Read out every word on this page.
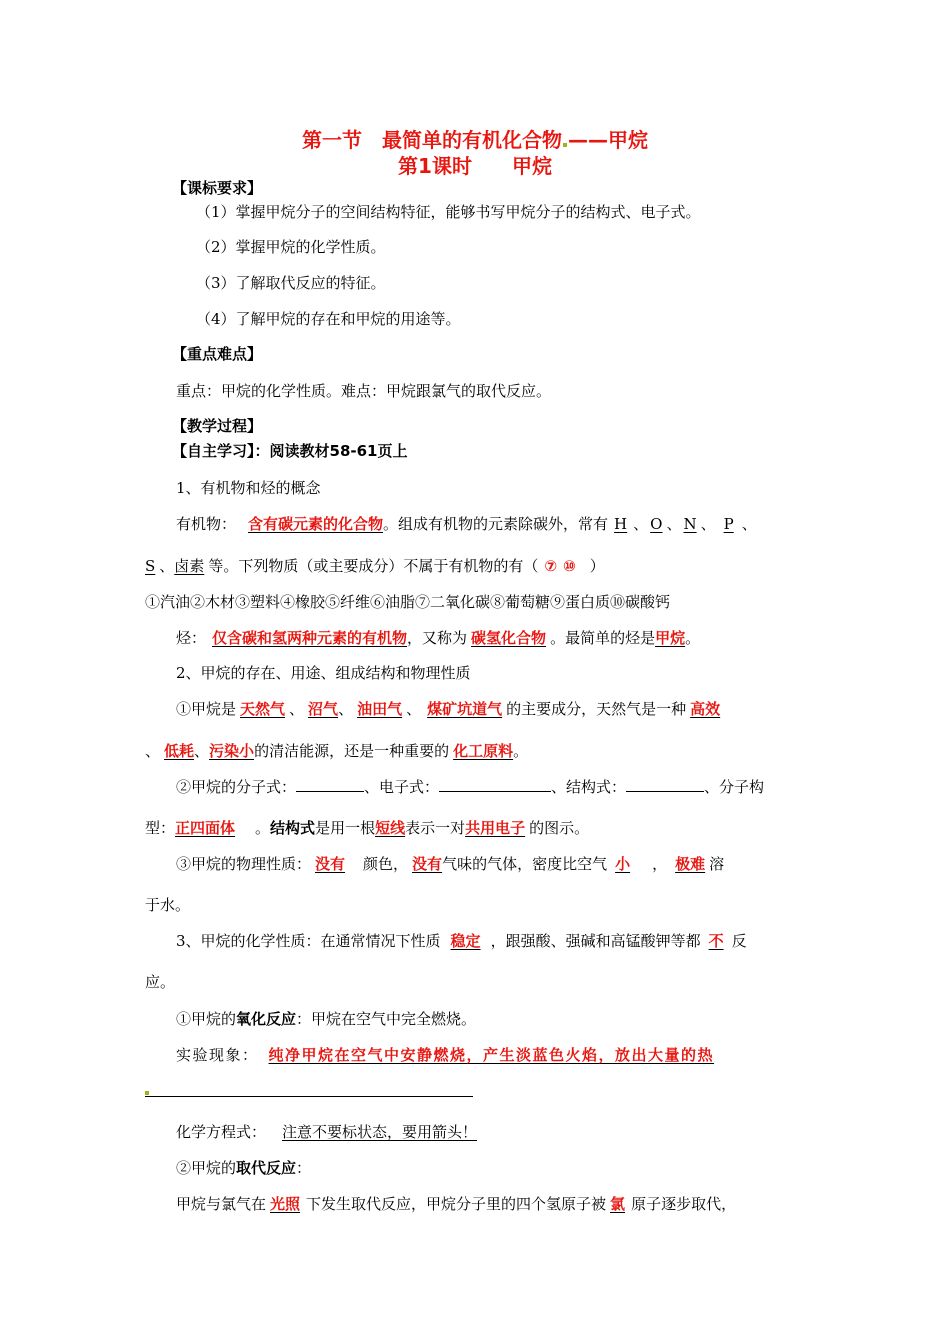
第一节　最简单的有机化合物 ——甲烷
第1课时　　甲烷
【课标要求】
（1）掌握甲烷分子的空间结构特征，能够书写甲烷分子的结构式、电子式。
（2）掌握甲烷的化学性质。
（3）了解取代反应的特征。
（4）了解甲烷的存在和甲烷的用途等。
【重点难点】
重点：甲烷的化学性质。难点：甲烷跟氯气的取代反应。
【教学过程】
【自主学习】：阅读教材58-61页上
1、有机物和烃的概念
有机物： 含有碳元素的化合物。组成有机物的元素除碳外，常有 H 、 O 、 N 、 P 、
S 、卤素 等。下列物质（或主要成分）不属于有机物的有（ ⑦ ⑩ ）
①汽油②木材③塑料④橡胶⑤纤维⑥油脂⑦二氧化碳⑧葡萄糖⑨蛋白质⑩碳酸钙
烃： 仅含碳和氢两种元素的有机物，又称为 碳氢化合物 。最简单的烃是甲烷。
2、甲烷的存在、用途、组成结构和物理性质
①甲烷是 天然气 、 沼气、 油田气 、 煤矿坑道气 的主要成分，天然气是一种 高效
、 低耗、污染小的清洁能源，还是一种重要的 化工原料。
②甲烷的分子式：	、电子式：	、结构式：	、分子构
型：正四面体 。结构式是用一根短线表示一对共用电子 的图示。
③甲烷的物理性质： 没有 颜色， 没有气味的气体，密度比空气 小 ， 极难 溶
于水。
3、甲烷的化学性质：在通常情况下性质 稳定 ，跟强酸、强碱和高锰酸钾等都 不 反
应。
①甲烷的氧化反应：甲烷在空气中完全燃烧。
实验现象： 纯净甲烷在空气中安静燃烧，产生淡蓝色火焰，放出大量的热
化学方程式： 注意不要标状态，要用箭头！
②甲烷的取代反应：
甲烷与氯气在 光照 下发生取代反应，甲烷分子里的四个氢原子被 氯 原子逐步取代，
